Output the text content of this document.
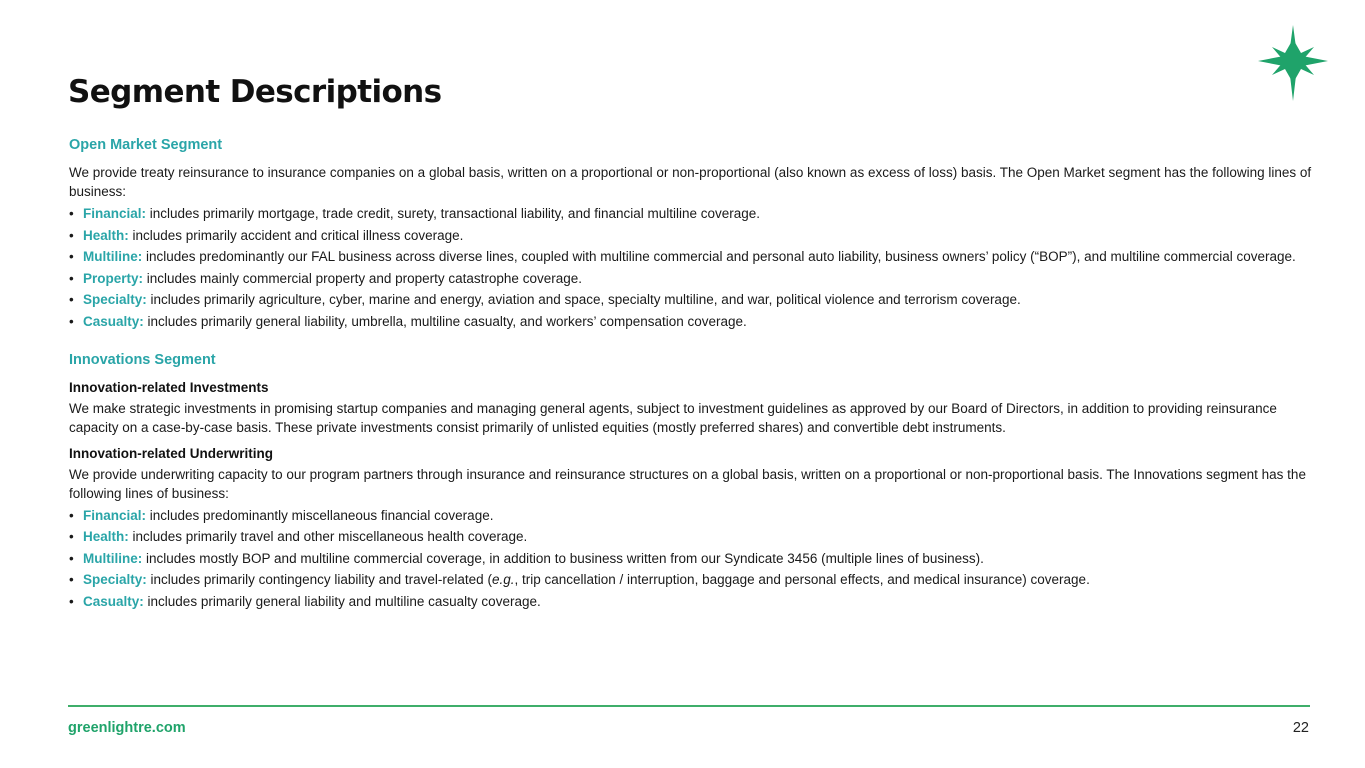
Segment Descriptions
Open Market Segment

We provide treaty reinsurance to insurance companies on a global basis, written on a proportional or non-proportional (also known as excess of loss) basis. The Open Market segment has the following lines of business:

• Financial: includes primarily mortgage, trade credit, surety, transactional liability, and financial multiline coverage.
• Health: includes primarily accident and critical illness coverage.
• Multiline: includes predominantly our FAL business across diverse lines, coupled with multiline commercial and personal auto liability, business owners’ policy (“BOP”), and multiline commercial coverage.
• Property: includes mainly commercial property and property catastrophe coverage.
• Specialty: includes primarily agriculture, cyber, marine and energy, aviation and space, specialty multiline, and war, political violence and terrorism coverage.
• Casualty: includes primarily general liability, umbrella, multiline casualty, and workers’ compensation coverage.
Innovations Segment

Innovation-related Investments

We make strategic investments in promising startup companies and managing general agents, subject to investment guidelines as approved by our Board of Directors, in addition to providing reinsurance capacity on a case-by-case basis. These private investments consist primarily of unlisted equities (mostly preferred shares) and convertible debt instruments.

Innovation-related Underwriting

We provide underwriting capacity to our program partners through insurance and reinsurance structures on a global basis, written on a proportional or non-proportional basis. The Innovations segment has the following lines of business:

• Financial: includes predominantly miscellaneous financial coverage.
• Health: includes primarily travel and other miscellaneous health coverage.
• Multiline: includes mostly BOP and multiline commercial coverage, in addition to business written from our Syndicate 3456 (multiple lines of business).
• Specialty: includes primarily contingency liability and travel-related (e.g., trip cancellation / interruption, baggage and personal effects, and medical insurance) coverage.
• Casualty: includes primarily general liability and multiline casualty coverage.
greenlightre.com	22
